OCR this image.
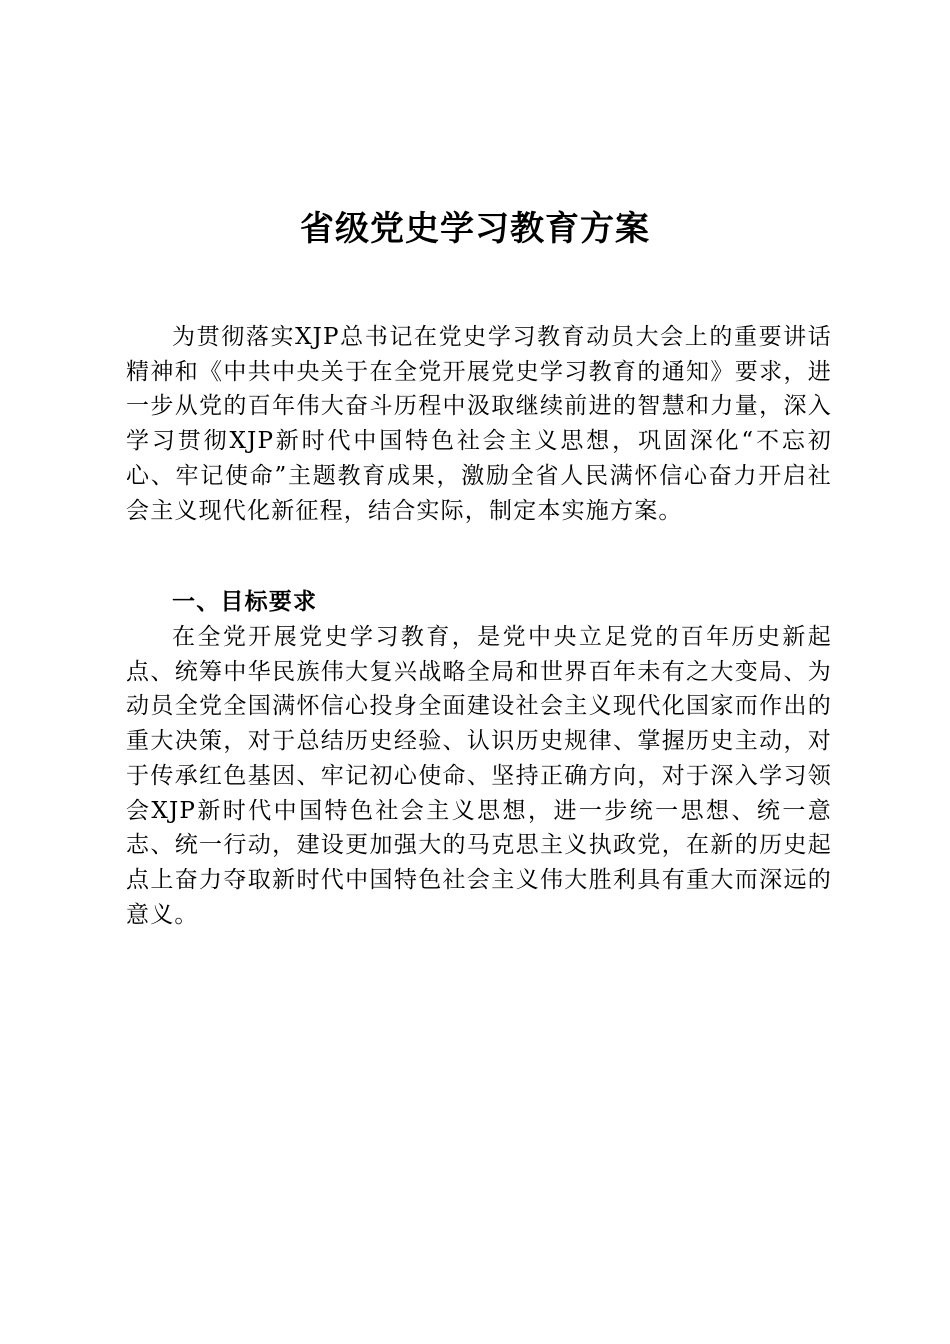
省级党史学习教育方案

为贯彻落实XJP总书记在党史学习教育动员大会上的重要讲话精神和《中共中央关于在全党开展党史学习教育的通知》要求，进一步从党的百年伟大奋斗历程中汲取继续前进的智慧和力量，深入学习贯彻XJP新时代中国特色社会主义思想，巩固深化“不忘初心、牢记使命”主题教育成果，激励全省人民满怀信心奋力开启社会主义现代化新征程，结合实际，制定本实施方案。

一、目标要求

在全党开展党史学习教育，是党中央立足党的百年历史新起点、统筹中华民族伟大复兴战略全局和世界百年未有之大变局、为动员全党全国满怀信心投身全面建设社会主义现代化国家而作出的重大决策，对于总结历史经验、认识历史规律、掌握历史主动，对于传承红色基因、牢记初心使命、坚持正确方向，对于深入学习领会XJP新时代中国特色社会主义思想，进一步统一思想、统一意志、统一行动，建设更加强大的马克思主义执政党，在新的历史起点上奋力夺取新时代中国特色社会主义伟大胜利具有重大而深远的意义。
